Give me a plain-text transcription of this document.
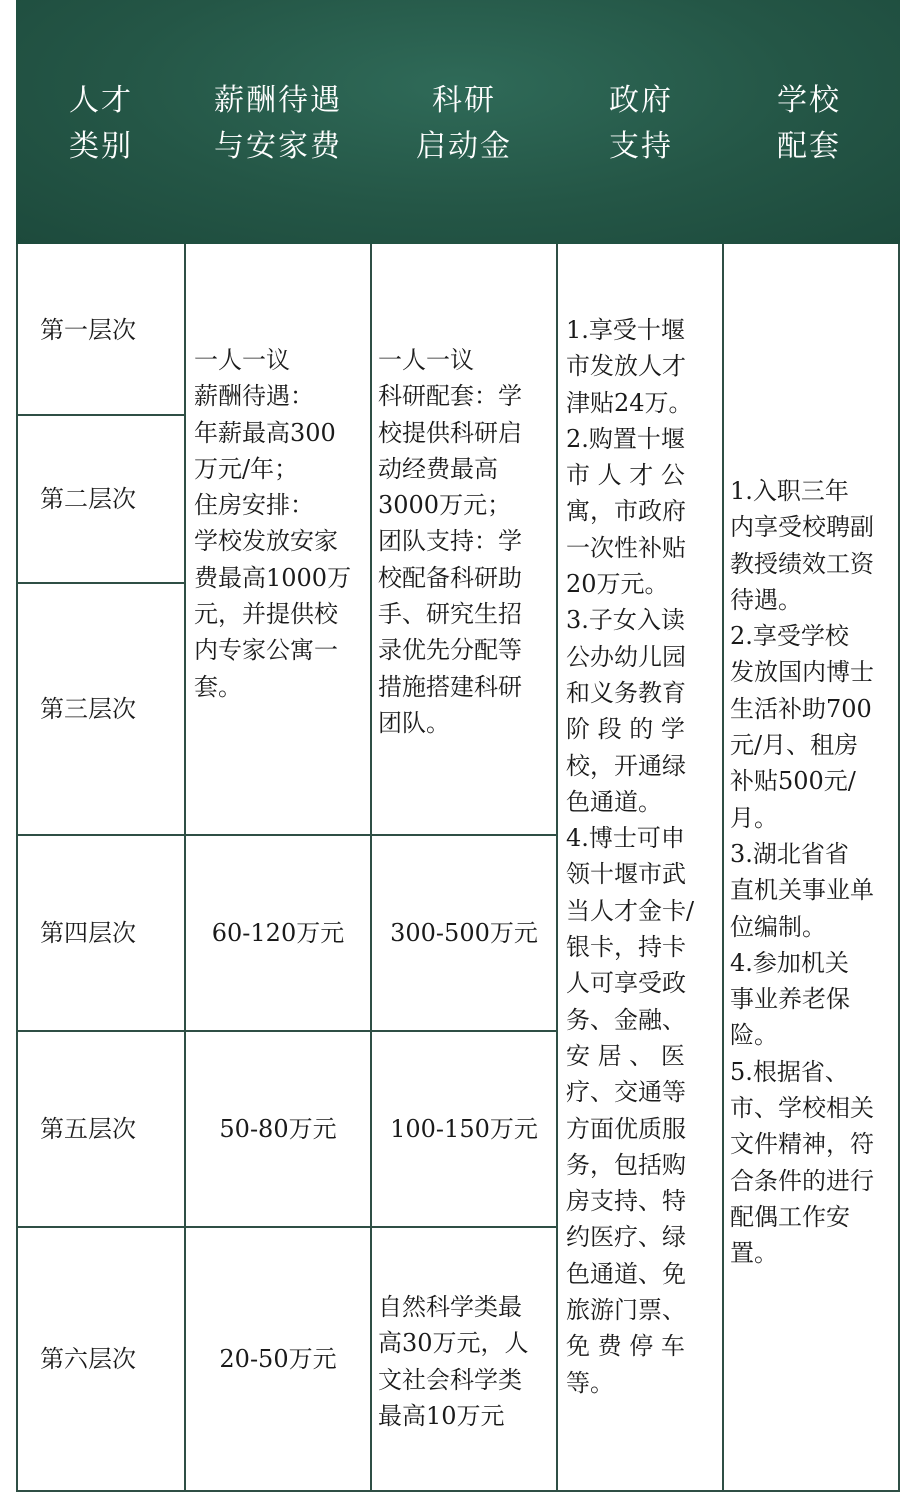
人才
类别
薪酬待遇
与安家费
科研
启动金
政府
支持
学校
配套
第一层次
第二层次
第三层次
第四层次
第五层次
第六层次
一人一议
薪酬待遇：
年薪最高300
万元/年；
住房安排：
学校发放安家
费最高1000万
元，并提供校
内专家公寓一
套。
60-120万元
50-80万元
20-50万元
一人一议
科研配套：学
校提供科研启
动经费最高
3000万元；
团队支持：学
校配备科研助
手、研究生招
录优先分配等
措施搭建科研
团队。
300-500万元
100-150万元
自然科学类最
高30万元，人
文社会科学类
最高10万元
1.享受十堰
市发放人才
津贴24万。
2.购置十堰
市 人 才 公
寓，市政府
一次性补贴
20万元。
3.子女入读
公办幼儿园
和义务教育
阶 段 的 学
校，开通绿
色通道。
4.博士可申
领十堰市武
当人才金卡/
银卡，持卡
人可享受政
务、金融、
安 居 、 医
疗、交通等
方面优质服
务，包括购
房支持、特
约医疗、绿
色通道、免
旅游门票、
免 费 停 车
等。
1.入职三年
内享受校聘副
教授绩效工资
待遇。
2.享受学校
发放国内博士
生活补助700
元/月、租房
补贴500元/
月。
3.湖北省省
直机关事业单
位编制。
4.参加机关
事业养老保
险。
5.根据省、
市、学校相关
文件精神，符
合条件的进行
配偶工作安
置。
